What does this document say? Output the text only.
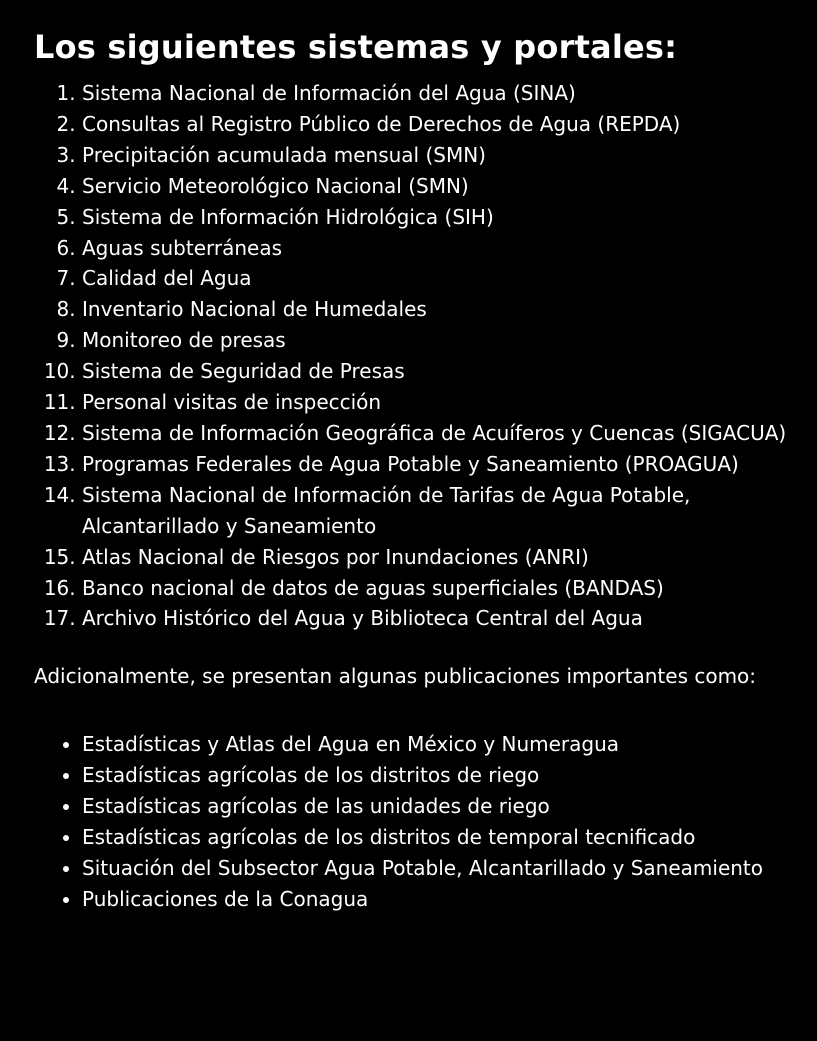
Los siguientes sistemas y portales:
1. Sistema Nacional de Información del Agua (SINA)
2. Consultas al Registro Público de Derechos de Agua (REPDA)
3. Precipitación acumulada mensual (SMN)
4. Servicio Meteorológico Nacional (SMN)
5. Sistema de Información Hidrológica (SIH)
6. Aguas subterráneas
7. Calidad del Agua
8. Inventario Nacional de Humedales
9. Monitoreo de presas
10. Sistema de Seguridad de Presas
11. Personal visitas de inspección
12. Sistema de Información Geográfica de Acuíferos y Cuencas (SIGACUA)
13. Programas Federales de Agua Potable y Saneamiento (PROAGUA)
14. Sistema Nacional de Información de Tarifas de Agua Potable, Alcantarillado y Saneamiento
15. Atlas Nacional de Riesgos por Inundaciones (ANRI)
16. Banco nacional de datos de aguas superficiales (BANDAS)
17. Archivo Histórico del Agua y Biblioteca Central del Agua

Adicionalmente, se presentan algunas publicaciones importantes como:

• Estadísticas y Atlas del Agua en México y Numeragua
• Estadísticas agrícolas de los distritos de riego
• Estadísticas agrícolas de las unidades de riego
• Estadísticas agrícolas de los distritos de temporal tecnificado
• Situación del Subsector Agua Potable, Alcantarillado y Saneamiento
• Publicaciones de la Conagua
